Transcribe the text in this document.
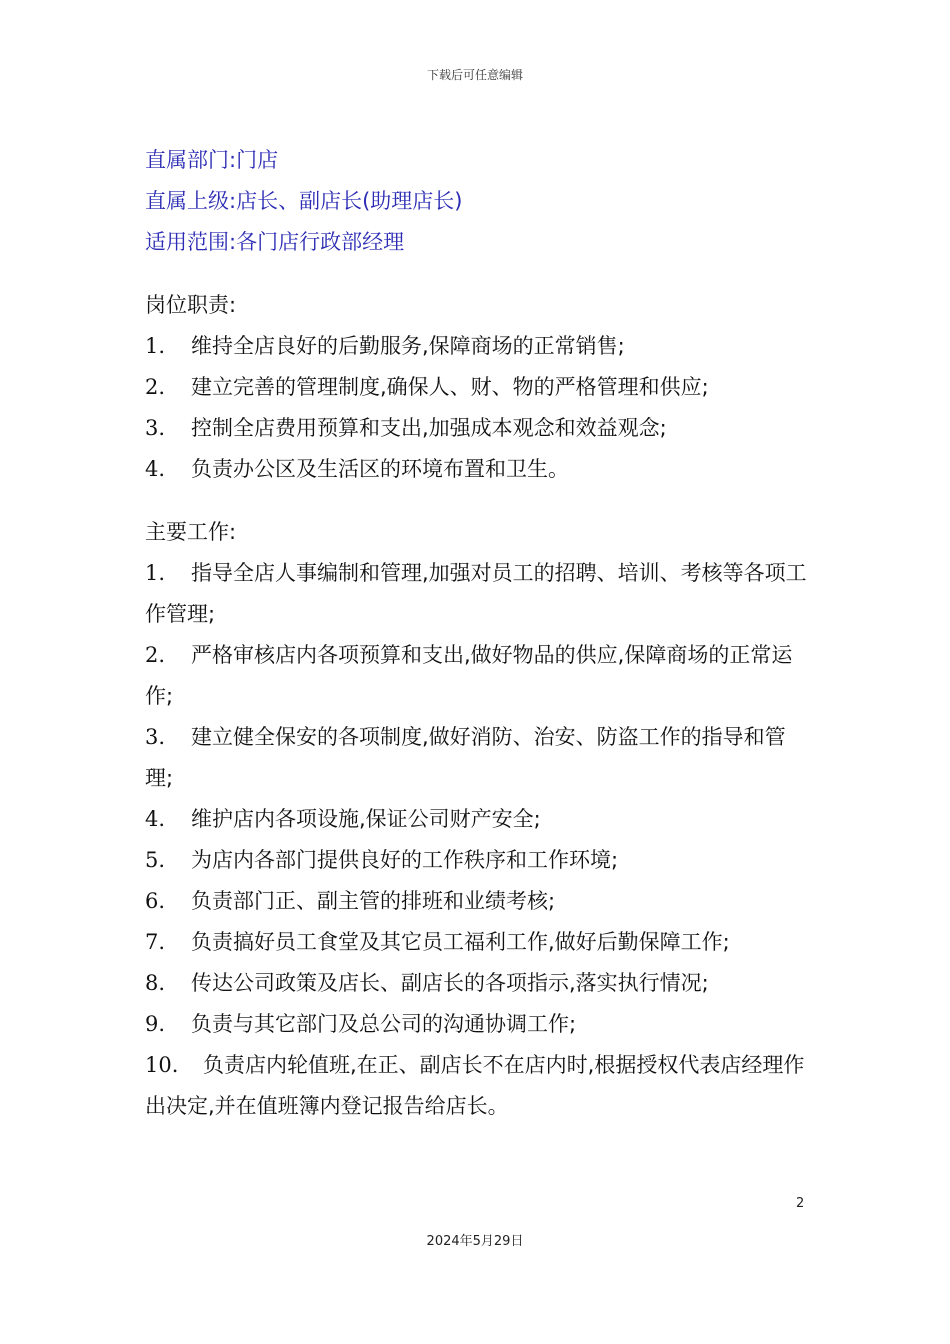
下载后可任意编辑
直属部门:门店
直属上级:店长、副店长(助理店长)
适用范围:各门店行政部经理
岗位职责:
1. 维持全店良好的后勤服务,保障商场的正常销售;
2. 建立完善的管理制度,确保人、财、物的严格管理和供应;
3. 控制全店费用预算和支出,加强成本观念和效益观念;
4. 负责办公区及生活区的环境布置和卫生。
主要工作:
1. 指导全店人事编制和管理,加强对员工的招聘、培训、考核等各项工作管理;
2. 严格审核店内各项预算和支出,做好物品的供应,保障商场的正常运作;
3. 建立健全保安的各项制度,做好消防、治安、防盗工作的指导和管理;
4. 维护店内各项设施,保证公司财产安全;
5. 为店内各部门提供良好的工作秩序和工作环境;
6. 负责部门正、副主管的排班和业绩考核;
7. 负责搞好员工食堂及其它员工福利工作,做好后勤保障工作;
8. 传达公司政策及店长、副店长的各项指示,落实执行情况;
9. 负责与其它部门及总公司的沟通协调工作;
10. 负责店内轮值班,在正、副店长不在店内时,根据授权代表店经理作出决定,并在值班簿内登记报告给店长。
2
2024年5月29日
